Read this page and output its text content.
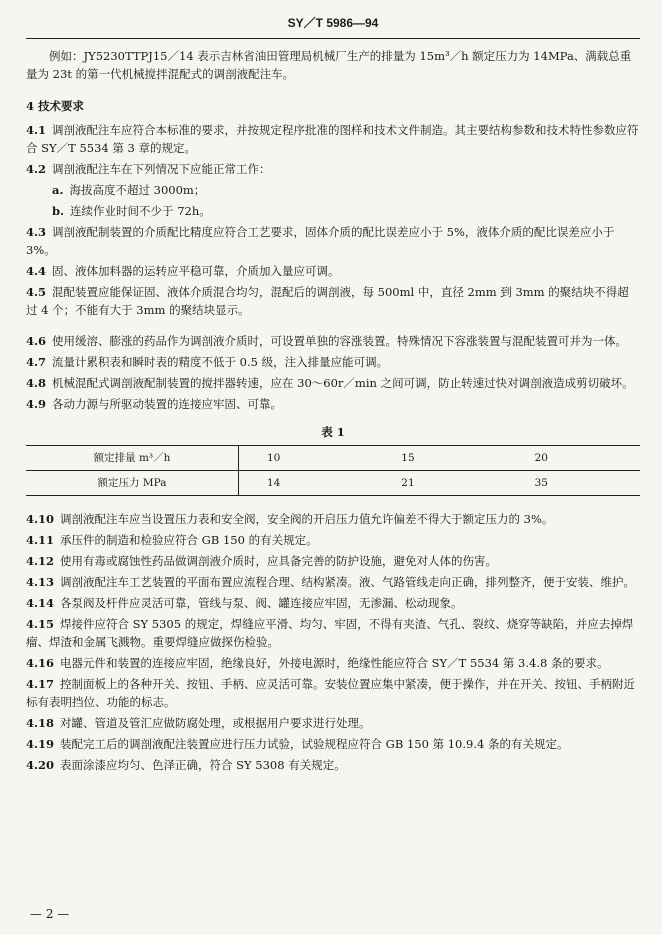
SY／T 5986—94

例如：JY5230TTPJ15／14 表示吉林省油田管理局机械厂生产的排量为 15m³／h 额定压力为 14MPa、满载总重量为 23t 的第一代机械搅拌混配式的调剖液配注车。

4 技术要求

4.1 调剖液配注车应符合本标准的要求，并按规定程序批准的图样和技术文件制造。其主要结构参数和技术特性参数应符合 SY／T 5534 第 3 章的规定。

4.2 调剖液配注车在下列情况下应能正常工作：

a. 海拔高度不超过 3000m；

b. 连续作业时间不少于 72h。

4.3 调剖液配制装置的介质配比精度应符合工艺要求，固体介质的配比误差应小于 5%，液体介质的配比误差应小于 3%。

4.4 固、液体加料器的运转应平稳可靠，介质加入量应可调。

4.5 混配装置应能保证固、液体介质混合均匀，混配后的调剖液，每 500ml 中，直径 2mm 到 3mm 的聚结块不得超过 4 个；不能有大于 3mm 的聚结块显示。

4.6 使用缓溶、膨涨的药品作为调剖液介质时，可设置单独的容涨装置。特殊情况下容涨装置与混配装置可并为一体。

4.7 流量计累积表和瞬时表的精度不低于 0.5 级，注入排量应能可调。

4.8 机械混配式调剖液配制装置的搅拌器转速，应在 30～60r／min 之间可调，防止转速过快对调剖液造成剪切破坏。

4.9 各动力源与所驱动装置的连接应牢固、可靠。

表 1

额定排量 m³／h	10	15	20
额定压力 MPa	14	21	35

4.10 调剖液配注车应当设置压力表和安全阀，安全阀的开启压力值允许偏差不得大于额定压力的 3%。

4.11 承压件的制造和检验应符合 GB 150 的有关规定。

4.12 使用有毒或腐蚀性药品做调剖液介质时，应具备完善的防护设施，避免对人体的伤害。

4.13 调剖液配注车工艺装置的平面布置应流程合理、结构紧凑。液、气路管线走向正确，排列整齐，便于安装、维护。

4.14 各泵阀及杆件应灵活可靠，管线与泵、阀、罐连接应牢固，无渗漏、松动现象。

4.15 焊接件应符合 SY 5305 的规定，焊缝应平滑、均匀、牢固，不得有夹渣、气孔、裂纹、烧穿等缺陷，并应去掉焊瘤、焊渣和金属飞溅物。重要焊缝应做探伤检验。

4.16 电器元件和装置的连接应牢固，绝缘良好，外接电源时，绝缘性能应符合 SY／T 5534 第 3.4.8 条的要求。

4.17 控制面板上的各种开关、按钮、手柄、应灵活可靠。安装位置应集中紧凑，便于操作，并在开关、按钮、手柄附近标有表明挡位、功能的标志。

4.18 对罐、管道及管汇应做防腐处理，或根据用户要求进行处理。

4.19 装配完工后的调剖液配注装置应进行压力试验，试验规程应符合 GB 150 第 10.9.4 条的有关规定。

4.20 表面涂漆应均匀、色泽正确，符合 SY 5308 有关规定。

— 2 —
